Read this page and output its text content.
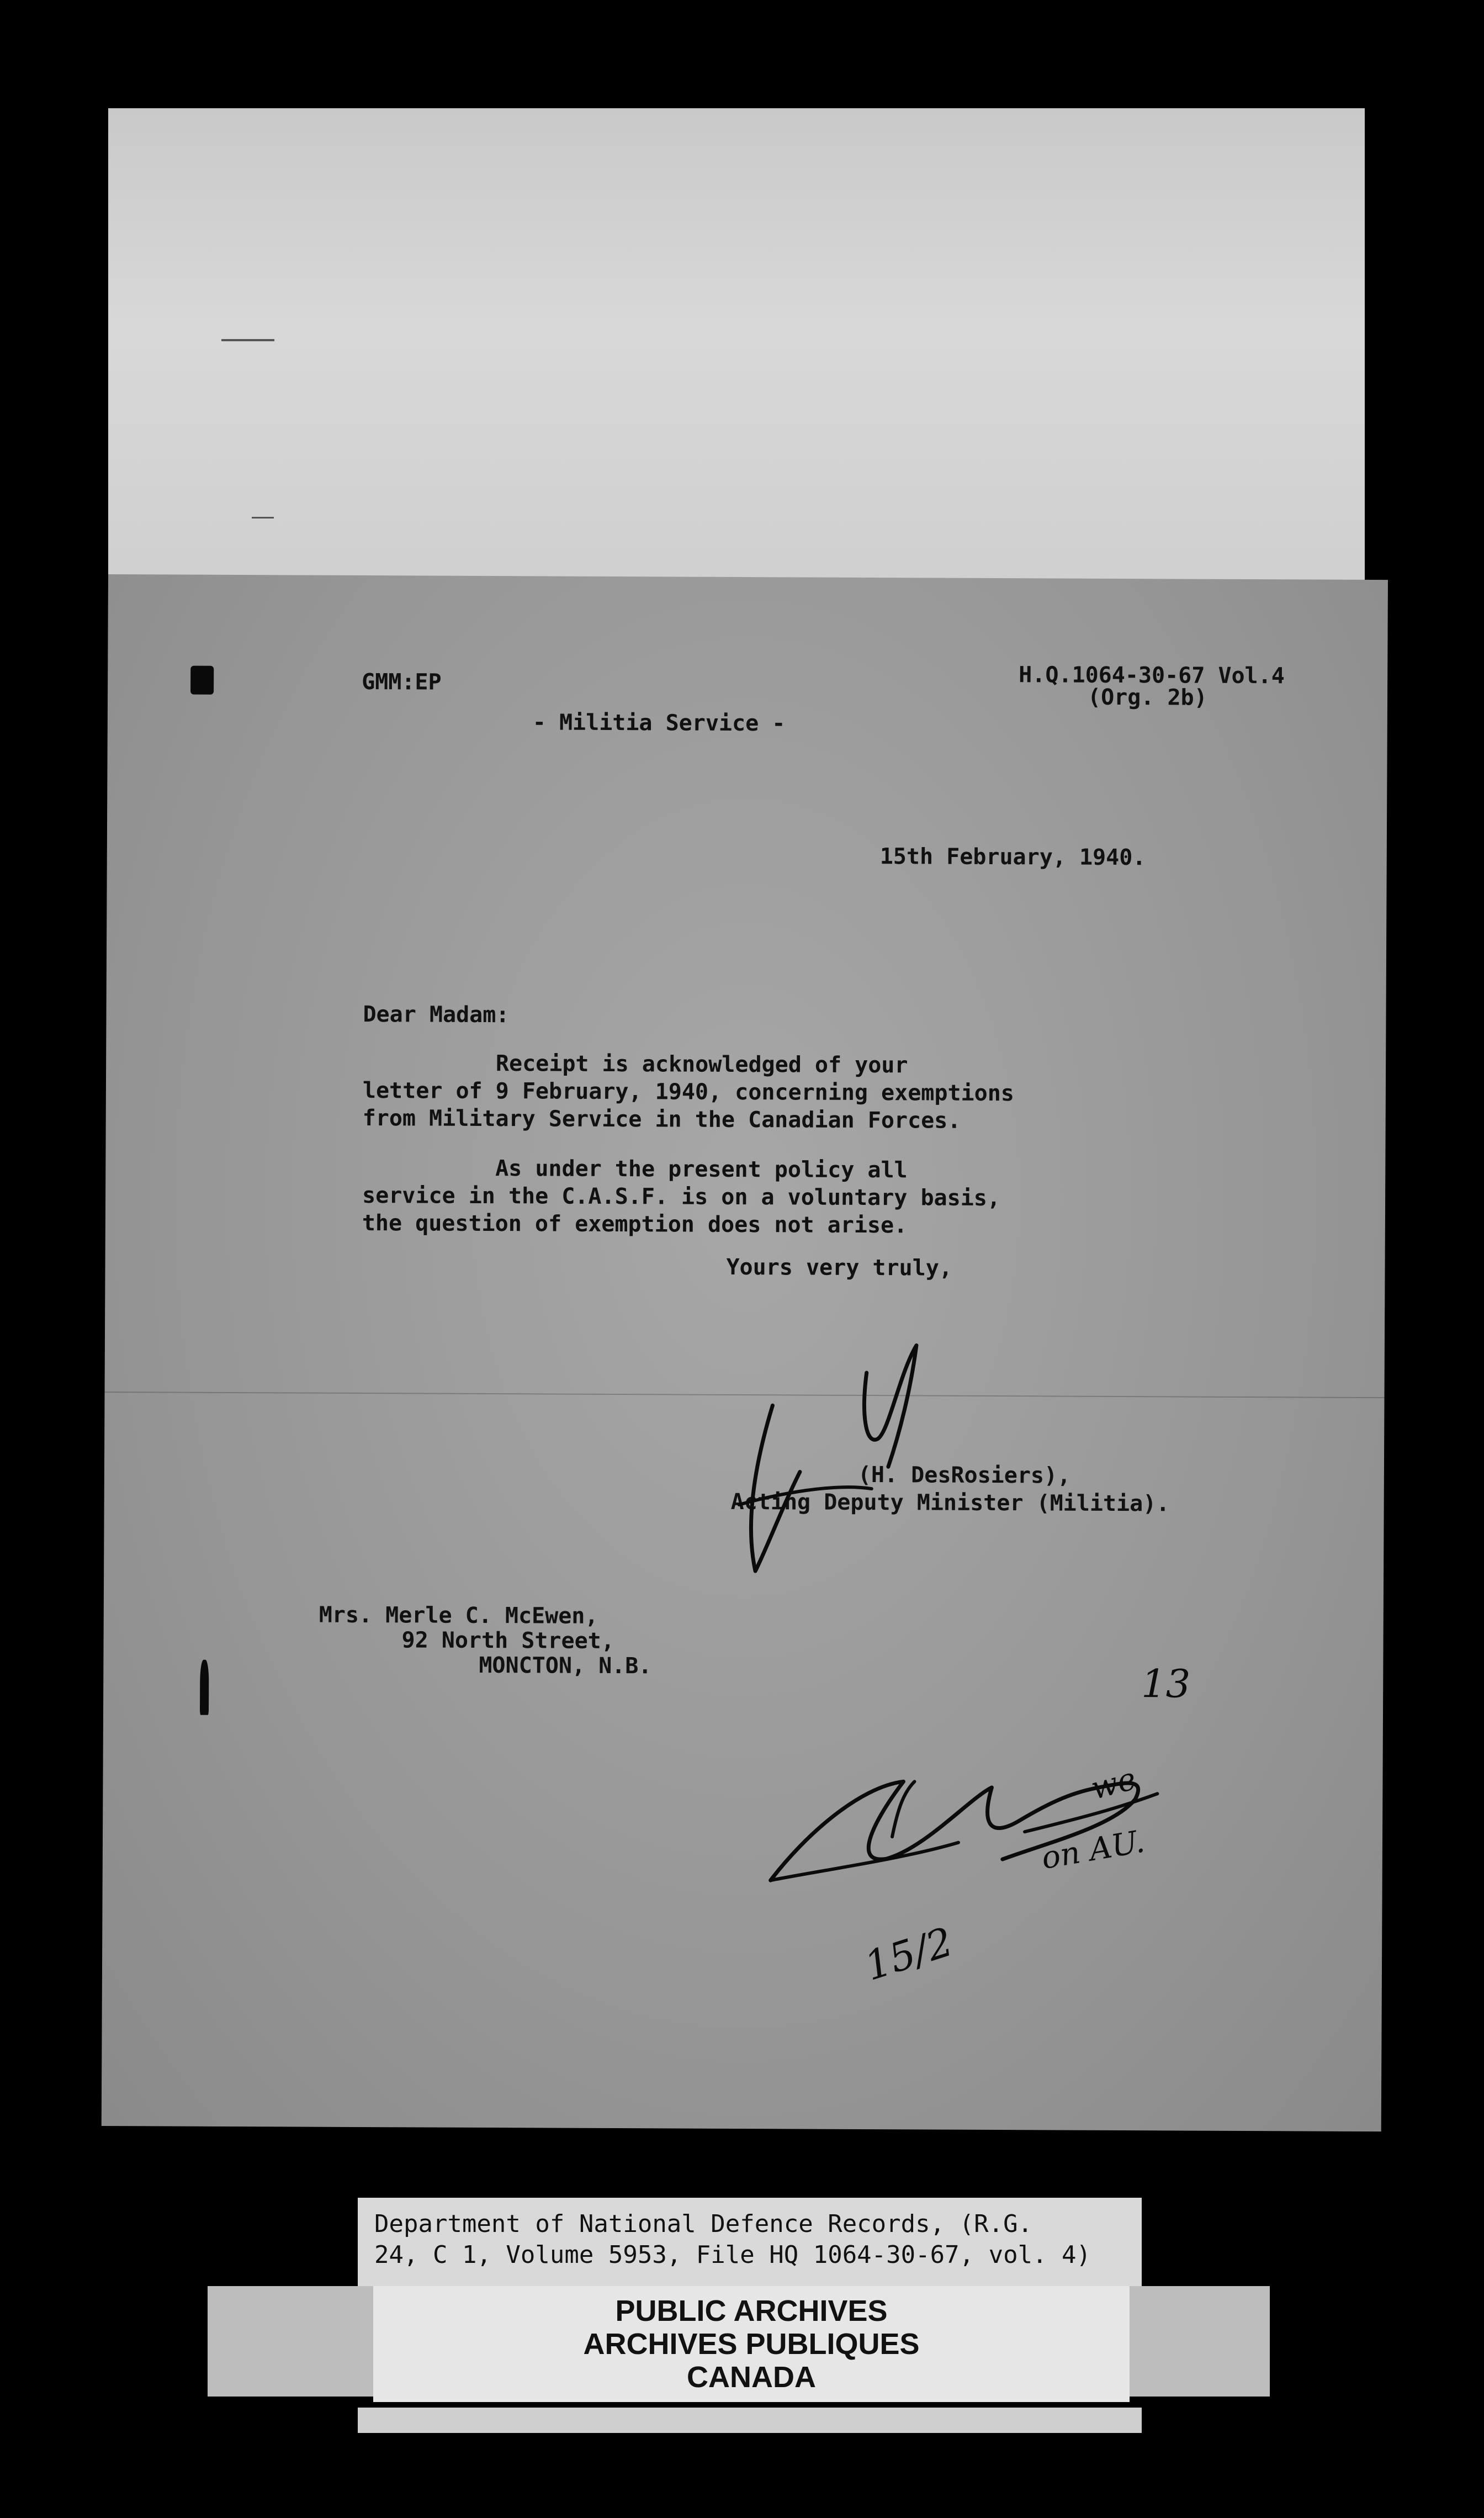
GMM:EP	H.Q.1064-30-67 Vol.4

(Org. 2b)

- Militia Service -

15th February, 1940.

Dear Madam:

Receipt is acknowledged of your
letter of 9 February, 1940, concerning exemptions
from Military Service in the Canadian Forces.

As under the present policy all
service in the C.A.S.F. is on a voluntary basis,
the question of exemption does not arise.

Yours very truly,

(H. DesRosiers),

Acting Deputy Minister (Militia).

Mrs. Merle C. McEwen,

92 North Street,

MONCTON, N.B.	13
we
on AU.
15/2
Department of National Defence Records, (R.G.
24, C 1, Volume 5953, File HQ 1064-30-67, vol. 4)
PUBLIC ARCHIVES
ARCHIVES PUBLIQUES
CANADA
